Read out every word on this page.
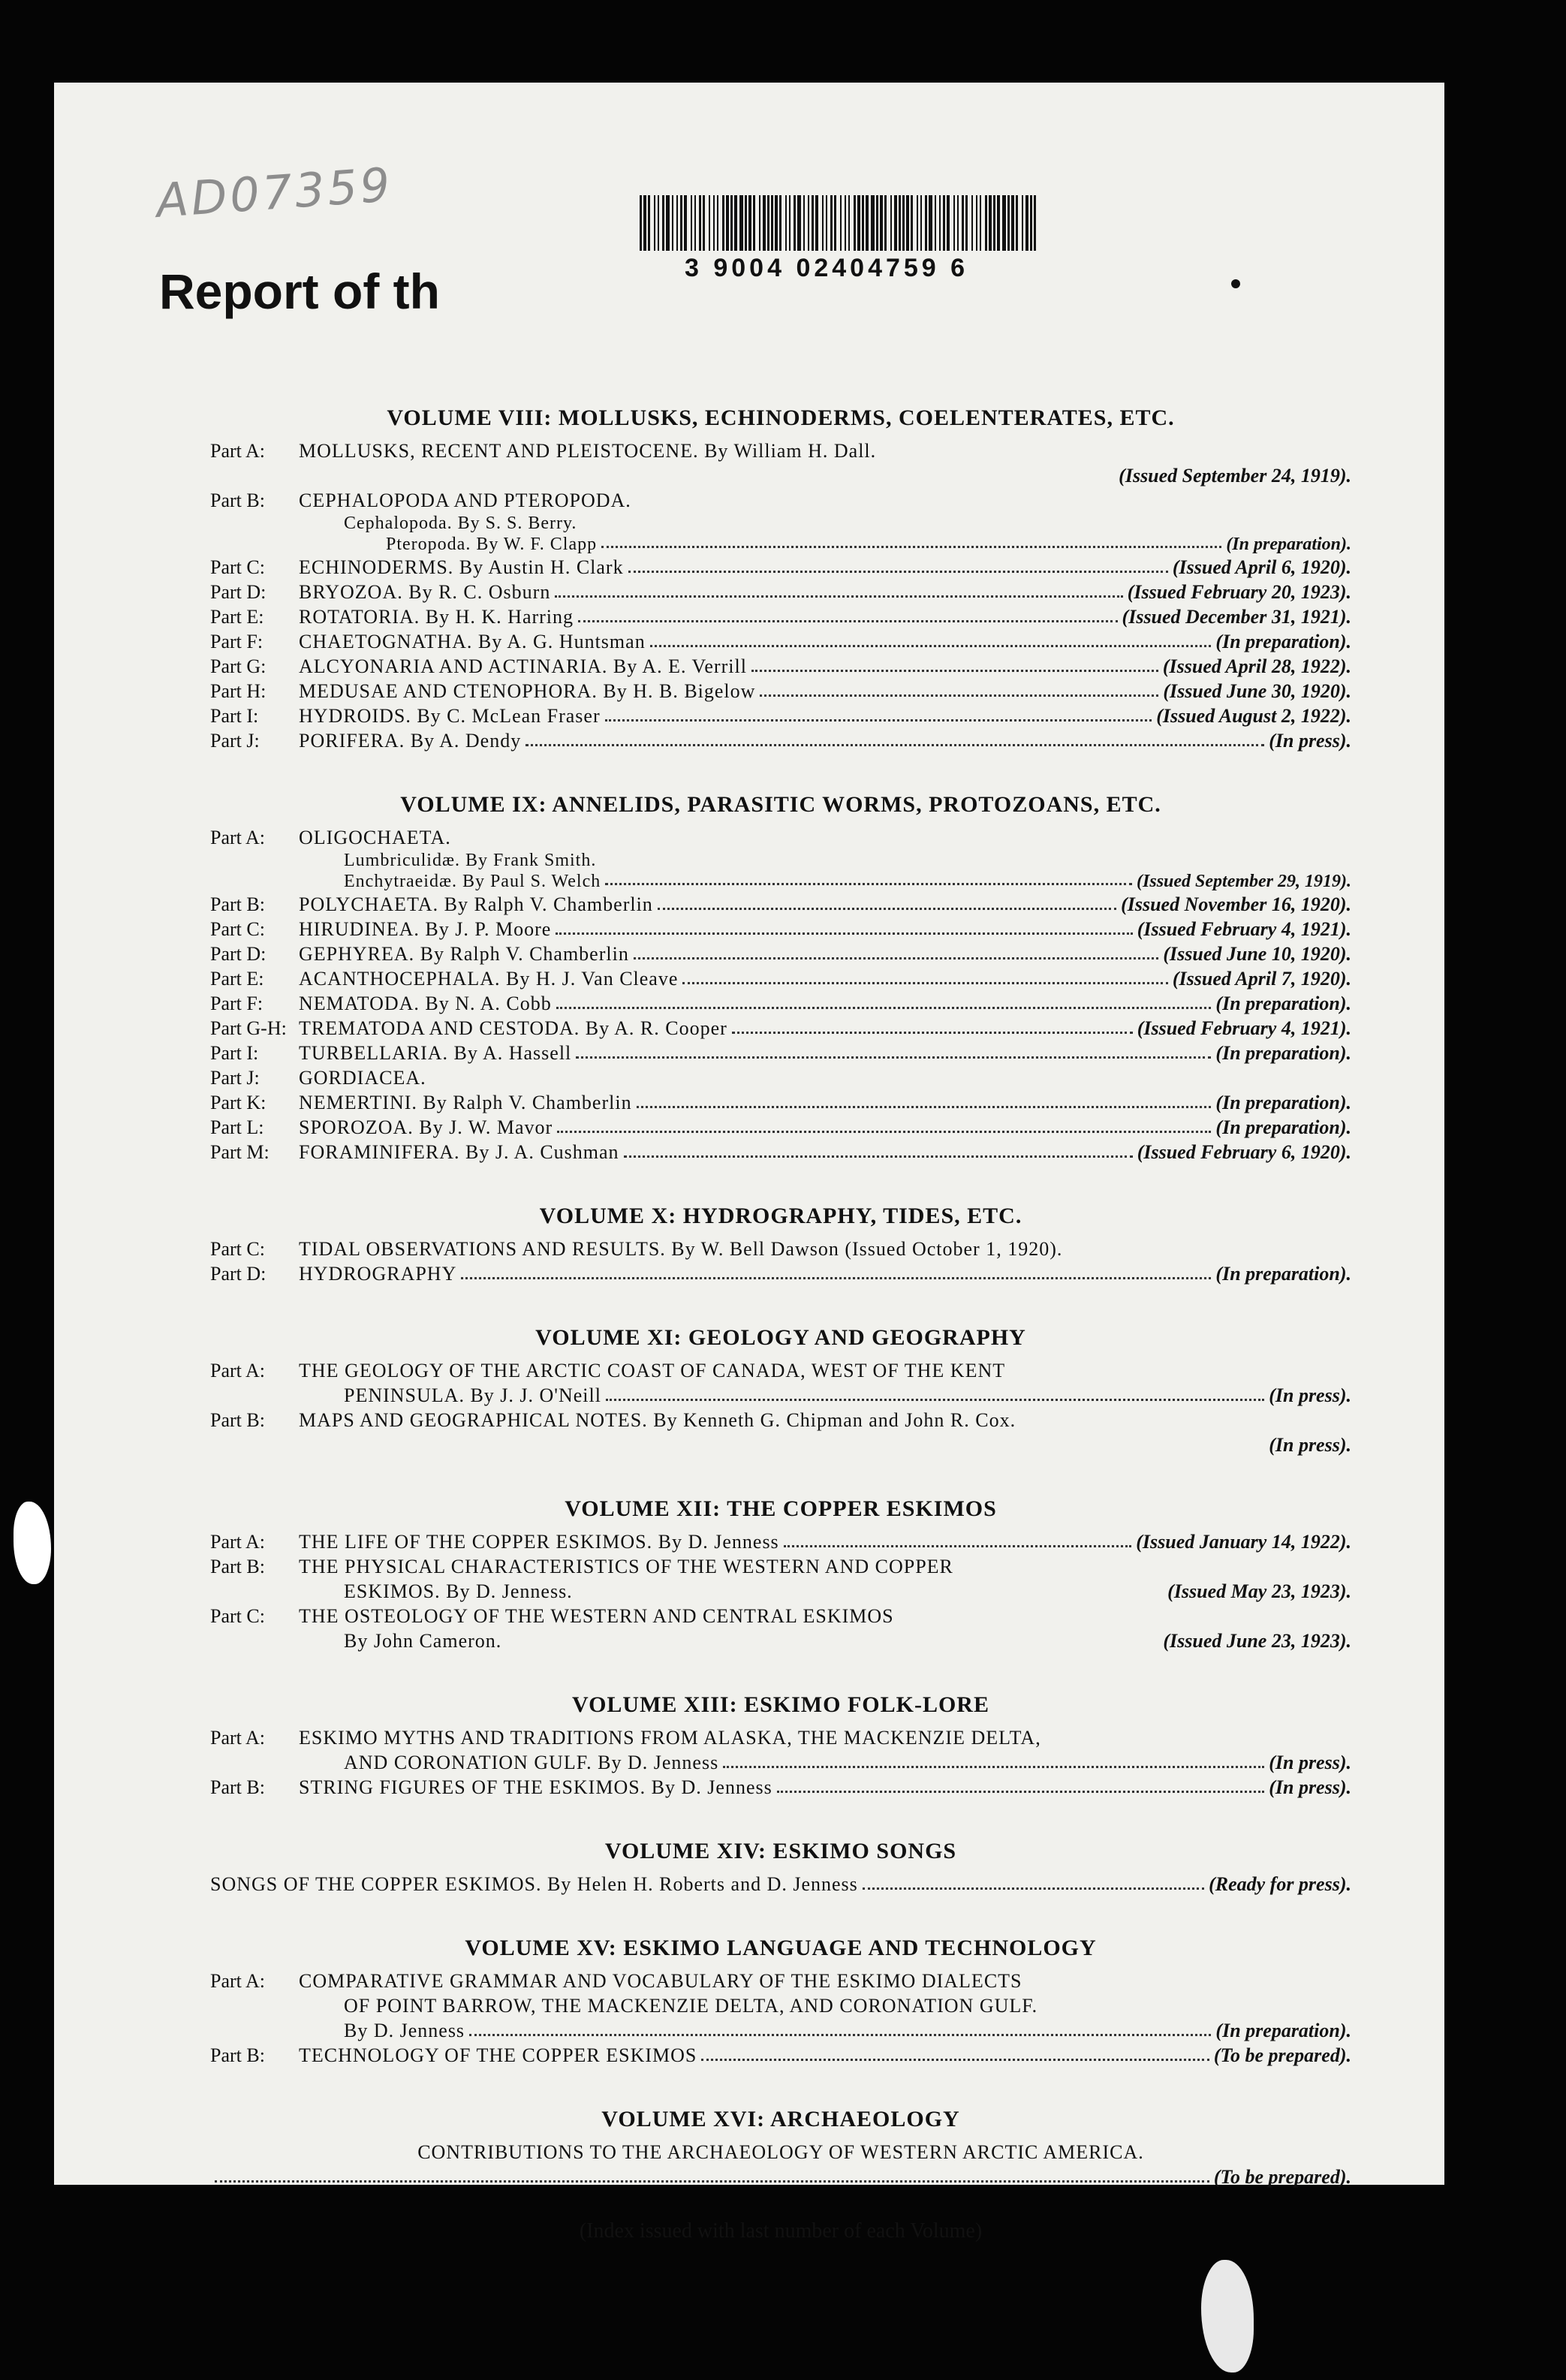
AD07359
3 9004 02404759 6
Report of th
VOLUME VIII: MOLLUSKS, ECHINODERMS, COELENTERATES, ETC.
Part A:	MOLLUSKS, RECENT AND PLEISTOCENE. By William H. Dall.
(Issued September 24, 1919).
Part B:	CEPHALOPODA AND PTEROPODA.
Cephalopoda. By S. S. Berry.
Pteropoda. By W. F. Clapp	(In preparation).
Part C:	ECHINODERMS. By Austin H. Clark	(Issued April 6, 1920).
Part D:	BRYOZOA. By R. C. Osburn	(Issued February 20, 1923).
Part E:	ROTATORIA. By H. K. Harring	(Issued December 31, 1921).
Part F:	CHAETOGNATHA. By A. G. Huntsman	(In preparation).
Part G:	ALCYONARIA AND ACTINARIA. By A. E. Verrill	(Issued April 28, 1922).
Part H:	MEDUSAE AND CTENOPHORA. By H. B. Bigelow	(Issued June 30, 1920).
Part I:	HYDROIDS. By C. McLean Fraser	(Issued August 2, 1922).
Part J:	PORIFERA. By A. Dendy	(In press).
VOLUME IX: ANNELIDS, PARASITIC WORMS, PROTOZOANS, ETC.
Part A:	OLIGOCHAETA.
Lumbriculidæ. By Frank Smith.
Enchytraeidæ. By Paul S. Welch	(Issued September 29, 1919).
Part B:	POLYCHAETA. By Ralph V. Chamberlin	(Issued November 16, 1920).
Part C:	HIRUDINEA. By J. P. Moore	(Issued February 4, 1921).
Part D:	GEPHYREA. By Ralph V. Chamberlin	(Issued June 10, 1920).
Part E:	ACANTHOCEPHALA. By H. J. Van Cleave	(Issued April 7, 1920).
Part F:	NEMATODA. By N. A. Cobb	(In preparation).
Part G-H: TREMATODA AND CESTODA. By A. R. Cooper	(Issued February 4, 1921).
Part I:	TURBELLARIA. By A. Hassell	(In preparation).
Part J:	GORDIACEA.
Part K:	NEMERTINI. By Ralph V. Chamberlin	(In preparation).
Part L:	SPOROZOA. By J. W. Mavor	(In preparation).
Part M:	FORAMINIFERA. By J. A. Cushman	(Issued February 6, 1920).
VOLUME X: HYDROGRAPHY, TIDES, ETC.
Part C:	TIDAL OBSERVATIONS AND RESULTS. By W. Bell Dawson (Issued October 1, 1920).
Part D:	HYDROGRAPHY	(In preparation).
VOLUME XI: GEOLOGY AND GEOGRAPHY
Part A:	THE GEOLOGY OF THE ARCTIC COAST OF CANADA, WEST OF THE KENT
PENINSULA. By J. J. O'Neill	(In press).
Part B:	MAPS AND GEOGRAPHICAL NOTES. By Kenneth G. Chipman and John R. Cox.
(In press).
VOLUME XII: THE COPPER ESKIMOS
Part A:	THE LIFE OF THE COPPER ESKIMOS. By D. Jenness	(Issued January 14, 1922).
Part B:	THE PHYSICAL CHARACTERISTICS OF THE WESTERN AND COPPER
ESKIMOS. By D. Jenness.	(Issued May 23, 1923).
Part C:	THE OSTEOLOGY OF THE WESTERN AND CENTRAL ESKIMOS
By John Cameron.	(Issued June 23, 1923).
VOLUME XIII: ESKIMO FOLK-LORE
Part A:	ESKIMO MYTHS AND TRADITIONS FROM ALASKA, THE MACKENZIE DELTA,
AND CORONATION GULF. By D. Jenness	(In press).
Part B:	STRING FIGURES OF THE ESKIMOS. By D. Jenness	(In press).
VOLUME XIV: ESKIMO SONGS
SONGS OF THE COPPER ESKIMOS. By Helen H. Roberts and D. Jenness	(Ready for press).
VOLUME XV: ESKIMO LANGUAGE AND TECHNOLOGY
Part A:	COMPARATIVE GRAMMAR AND VOCABULARY OF THE ESKIMO DIALECTS
OF POINT BARROW, THE MACKENZIE DELTA, AND CORONATION GULF.
By D. Jenness	(In preparation).
Part B:	TECHNOLOGY OF THE COPPER ESKIMOS	(To be prepared).
VOLUME XVI: ARCHAEOLOGY
CONTRIBUTIONS TO THE ARCHAEOLOGY OF WESTERN ARCTIC AMERICA.
(To be prepared).
(Index issued with last number of each Volume)
